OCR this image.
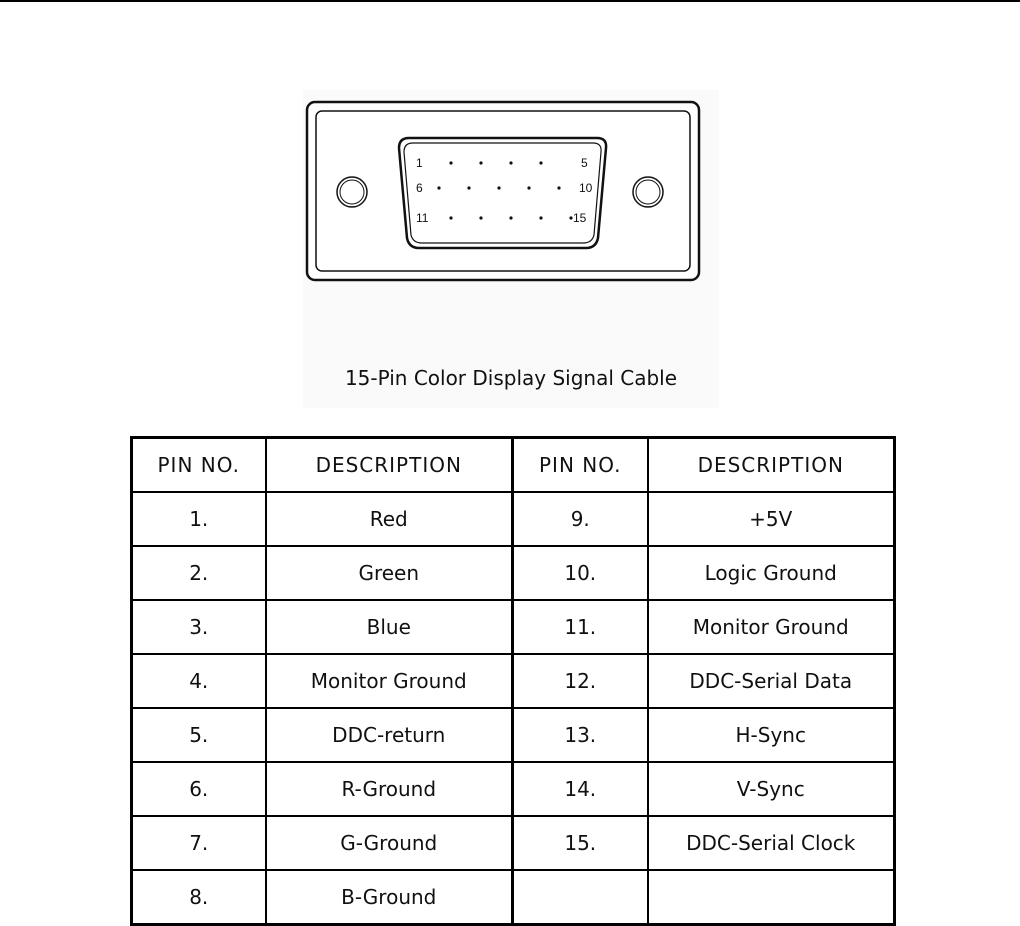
1	5
6	10
11	15

15-Pin Color Display Signal Cable

PIN NO.	DESCRIPTION	PIN NO.	DESCRIPTION
1.	Red	9.	+5V
2.	Green	10.	Logic Ground
3.	Blue	11.	Monitor Ground
4.	Monitor Ground	12.	DDC-Serial Data
5.	DDC-return	13.	H-Sync
6.	R-Ground	14.	V-Sync
7.	G-Ground	15.	DDC-Serial Clock
8.	B-Ground		
